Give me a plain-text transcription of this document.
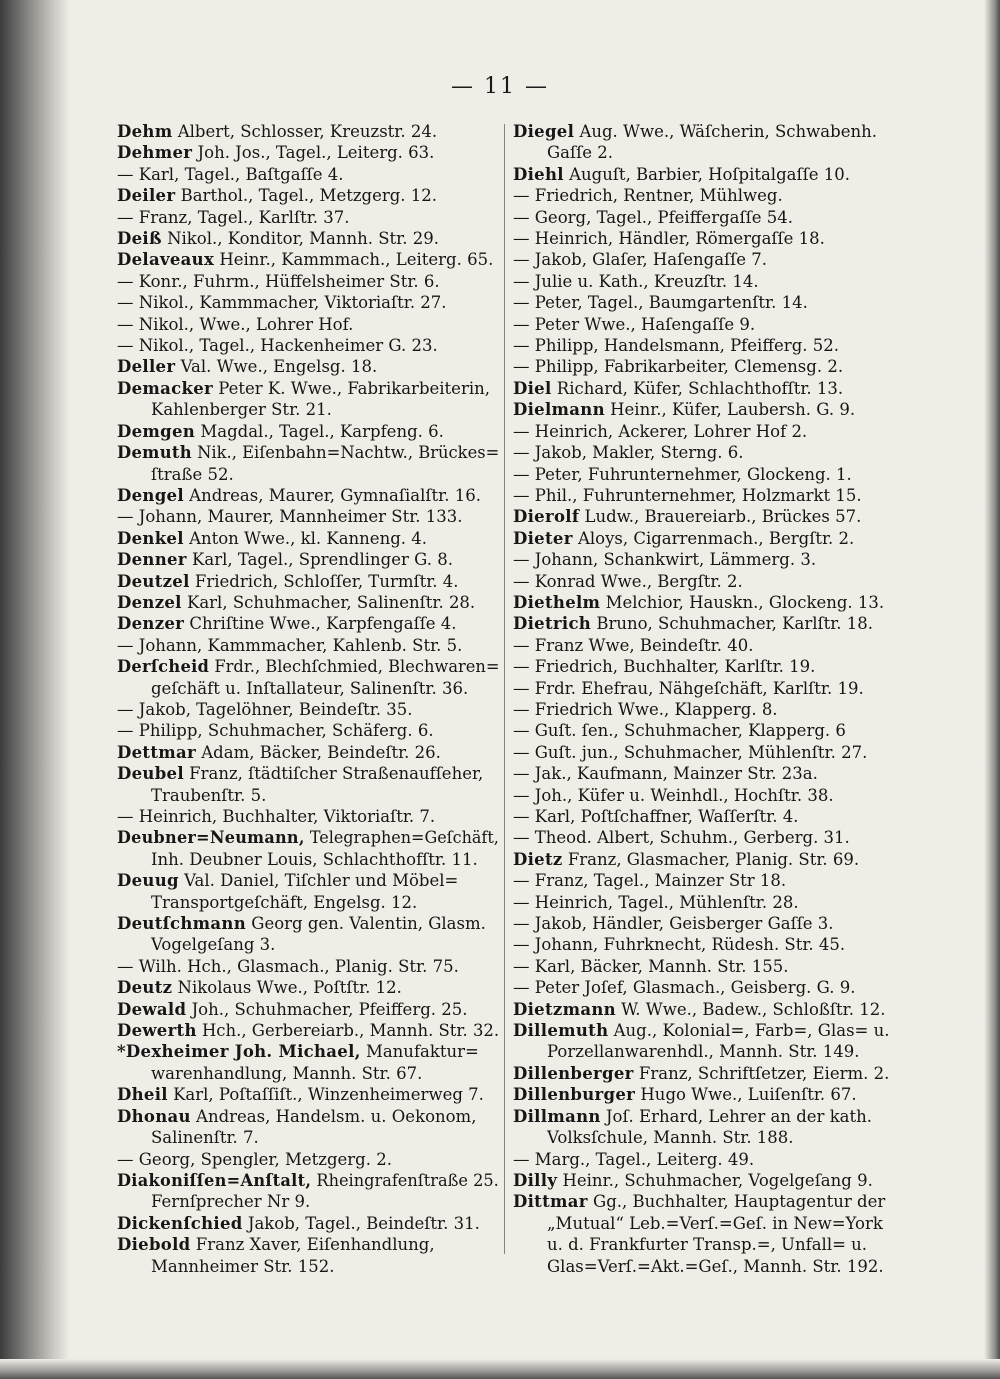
— 11 —
Dehm Albert, Schlosser, Kreuzstr. 24.
Dehmer Joh. Jos., Tagel., Leiterg. 63.
— Karl, Tagel., Baſtgaſſe 4.
Deiler Barthol., Tagel., Metzgerg. 12.
— Franz, Tagel., Karlſtr. 37.
Deiß Nikol., Konditor, Mannh. Str. 29.
Delaveaux Heinr., Kammmach., Leiterg. 65.
— Konr., Fuhrm., Hüffelsheimer Str. 6.
— Nikol., Kammmacher, Viktoriaſtr. 27.
— Nikol., Wwe., Lohrer Hof.
— Nikol., Tagel., Hackenheimer G. 23.
Deller Val. Wwe., Engelsg. 18.
Demacker Peter K. Wwe., Fabrikarbeiterin,
Kahlenberger Str. 21.
Demgen Magdal., Tagel., Karpfeng. 6.
Demuth Nik., Eiſenbahn=Nachtw., Brückes=
ſtraße 52.
Dengel Andreas, Maurer, Gymnaſialſtr. 16.
— Johann, Maurer, Mannheimer Str. 133.
Denkel Anton Wwe., kl. Kanneng. 4.
Denner Karl, Tagel., Sprendlinger G. 8.
Deutzel Friedrich, Schloſſer, Turmſtr. 4.
Denzel Karl, Schuhmacher, Salinenſtr. 28.
Denzer Chriſtine Wwe., Karpfengaſſe 4.
— Johann, Kammmacher, Kahlenb. Str. 5.
Derſcheid Frdr., Blechſchmied, Blechwaren=
geſchäft u. Inſtallateur, Salinenſtr. 36.
— Jakob, Tagelöhner, Beindeſtr. 35.
— Philipp, Schuhmacher, Schäferg. 6.
Dettmar Adam, Bäcker, Beindeſtr. 26.
Deubel Franz, ſtädtiſcher Straßenaufſeher,
Traubenſtr. 5.
— Heinrich, Buchhalter, Viktoriaſtr. 7.
Deubner=Neumann, Telegraphen=Geſchäft,
Inh. Deubner Louis, Schlachthofſtr. 11.
Deuug Val. Daniel, Tiſchler und Möbel=
Transportgeſchäft, Engelsg. 12.
Deutſchmann Georg gen. Valentin, Glasm.
Vogelgeſang 3.
— Wilh. Hch., Glasmach., Planig. Str. 75.
Deutz Nikolaus Wwe., Poſtſtr. 12.
Dewald Joh., Schuhmacher, Pfeifferg. 25.
Dewerth Hch., Gerbereiarb., Mannh. Str. 32.
*Dexheimer Joh. Michael, Manufaktur=
warenhandlung, Mannh. Str. 67.
Dheil Karl, Poſtaſſiſt., Winzenheimerweg 7.
Dhonau Andreas, Handelsm. u. Oekonom,
Salinenſtr. 7.
— Georg, Spengler, Metzgerg. 2.
Diakoniſſen=Anſtalt, Rheingrafenſtraße 25.
Fernſprecher Nr 9.
Dickenſchied Jakob, Tagel., Beindeſtr. 31.
Diebold Franz Xaver, Eiſenhandlung,
Mannheimer Str. 152.
Diegel Aug. Wwe., Wäſcherin, Schwabenh.
Gaſſe 2.
Diehl Auguſt, Barbier, Hoſpitalgaſſe 10.
— Friedrich, Rentner, Mühlweg.
— Georg, Tagel., Pfeiffergaſſe 54.
— Heinrich, Händler, Römergaſſe 18.
— Jakob, Glaſer, Haſengaſſe 7.
— Julie u. Kath., Kreuzſtr. 14.
— Peter, Tagel., Baumgartenſtr. 14.
— Peter Wwe., Haſengaſſe 9.
— Philipp, Handelsmann, Pfeifferg. 52.
— Philipp, Fabrikarbeiter, Clemensg. 2.
Diel Richard, Küfer, Schlachthofſtr. 13.
Dielmann Heinr., Küfer, Laubersh. G. 9.
— Heinrich, Ackerer, Lohrer Hof 2.
— Jakob, Makler, Sterng. 6.
— Peter, Fuhrunternehmer, Glockeng. 1.
— Phil., Fuhrunternehmer, Holzmarkt 15.
Dierolf Ludw., Brauereiarb., Brückes 57.
Dieter Aloys, Cigarrenmach., Bergſtr. 2.
— Johann, Schankwirt, Lämmerg. 3.
— Konrad Wwe., Bergſtr. 2.
Diethelm Melchior, Hauskn., Glockeng. 13.
Dietrich Bruno, Schuhmacher, Karlſtr. 18.
— Franz Wwe, Beindeſtr. 40.
— Friedrich, Buchhalter, Karlſtr. 19.
— Frdr. Ehefrau, Nähgeſchäft, Karlſtr. 19.
— Friedrich Wwe., Klapperg. 8.
— Guſt. ſen., Schuhmacher, Klapperg. 6
— Guſt. jun., Schuhmacher, Mühlenſtr. 27.
— Jak., Kaufmann, Mainzer Str. 23a.
— Joh., Küfer u. Weinhdl., Hochſtr. 38.
— Karl, Poſtſchaffner, Waſſerſtr. 4.
— Theod. Albert, Schuhm., Gerberg. 31.
Dietz Franz, Glasmacher, Planig. Str. 69.
— Franz, Tagel., Mainzer Str 18.
— Heinrich, Tagel., Mühlenſtr. 28.
— Jakob, Händler, Geisberger Gaſſe 3.
— Johann, Fuhrknecht, Rüdesh. Str. 45.
— Karl, Bäcker, Mannh. Str. 155.
— Peter Joſef, Glasmach., Geisberg. G. 9.
Dietzmann W. Wwe., Badew., Schloßſtr. 12.
Dillemuth Aug., Kolonial=, Farb=, Glas= u.
Porzellanwarenhdl., Mannh. Str. 149.
Dillenberger Franz, Schriftſetzer, Eierm. 2.
Dillenburger Hugo Wwe., Luiſenſtr. 67.
Dillmann Joſ. Erhard, Lehrer an der kath.
Volksſchule, Mannh. Str. 188.
— Marg., Tagel., Leiterg. 49.
Dilly Heinr., Schuhmacher, Vogelgeſang 9.
Dittmar Gg., Buchhalter, Hauptagentur der
„Mutual“ Leb.=Verſ.=Geſ. in New=York
u. d. Frankfurter Transp.=, Unfall= u.
Glas=Verſ.=Akt.=Geſ., Mannh. Str. 192.
